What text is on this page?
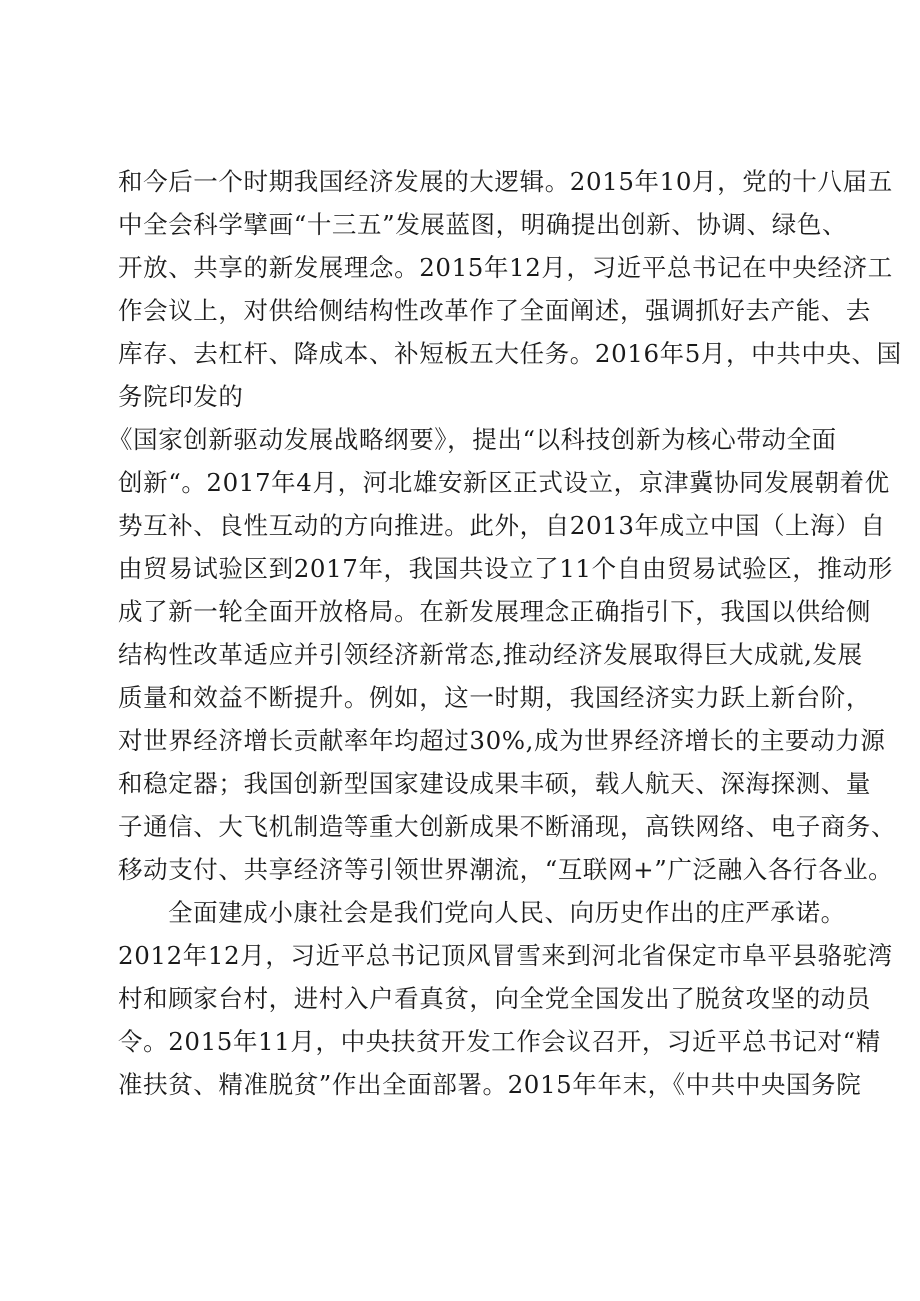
和今后一个时期我国经济发展的大逻辑。2015年10月，党的十八届五
中全会科学擘画“十三五”发展蓝图，明确提出创新、协调、绿色、
开放、共享的新发展理念。2015年12月，习近平总书记在中央经济工
作会议上，对供给侧结构性改革作了全面阐述，强调抓好去产能、去
库存、去杠杆、降成本、补短板五大任务。2016年5月，中共中央、国
务院印发的
《国家创新驱动发展战略纲要》，提出“以科技创新为核心带动全面
创新“。2017年4月，河北雄安新区正式设立，京津冀协同发展朝着优
势互补、良性互动的方向推进。此外，自2013年成立中国（上海）自
由贸易试验区到2017年，我国共设立了11个自由贸易试验区，推动形
成了新一轮全面开放格局。在新发展理念正确指引下，我国以供给侧
结构性改革适应并引领经济新常态,推动经济发展取得巨大成就,发展
质量和效益不断提升。例如，这一时期，我国经济实力跃上新台阶，
对世界经济增长贡献率年均超过30%,成为世界经济增长的主要动力源
和稳定器；我国创新型国家建设成果丰硕，载人航天、深海探测、量
子通信、大飞机制造等重大创新成果不断涌现，高铁网络、电子商务、
移动支付、共享经济等引领世界潮流，“互联网+”广泛融入各行各业。
全面建成小康社会是我们党向人民、向历史作出的庄严承诺。
2012年12月，习近平总书记顶风冒雪来到河北省保定市阜平县骆驼湾
村和顾家台村，进村入户看真贫，向全党全国发出了脱贫攻坚的动员
令。2015年11月，中央扶贫开发工作会议召开，习近平总书记对“精
准扶贫、精准脱贫”作出全面部署。2015年年末，《中共中央国务院
